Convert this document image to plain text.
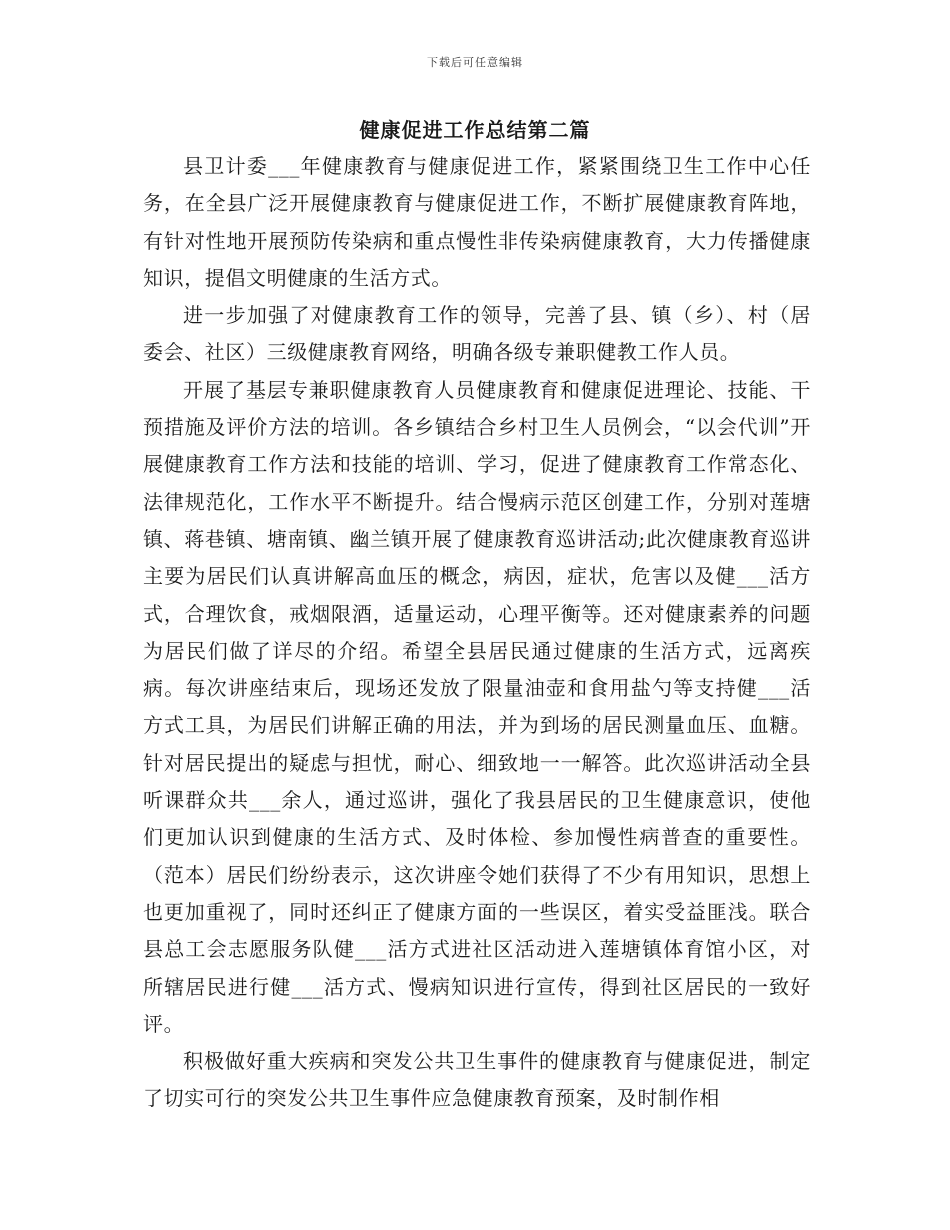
下载后可任意编辑
健康促进工作总结第二篇

县卫计委___年健康教育与健康促进工作，紧紧围绕卫生工作中心任务，在全县广泛开展健康教育与健康促进工作，不断扩展健康教育阵地，有针对性地开展预防传染病和重点慢性非传染病健康教育，大力传播健康知识，提倡文明健康的生活方式。

进一步加强了对健康教育工作的领导，完善了县、镇（乡）、村（居委会、社区）三级健康教育网络，明确各级专兼职健教工作人员。

开展了基层专兼职健康教育人员健康教育和健康促进理论、技能、干预措施及评价方法的培训。各乡镇结合乡村卫生人员例会，“以会代训”开展健康教育工作方法和技能的培训、学习，促进了健康教育工作常态化、法律规范化，工作水平不断提升。结合慢病示范区创建工作，分别对莲塘镇、蒋巷镇、塘南镇、幽兰镇开展了健康教育巡讲活动;此次健康教育巡讲主要为居民们认真讲解高血压的概念，病因，症状，危害以及健___活方式，合理饮食，戒烟限酒，适量运动，心理平衡等。还对健康素养的问题为居民们做了详尽的介绍。希望全县居民通过健康的生活方式，远离疾病。每次讲座结束后，现场还发放了限量油壶和食用盐勺等支持健___活方式工具，为居民们讲解正确的用法，并为到场的居民测量血压、血糖。针对居民提出的疑虑与担忧，耐心、细致地一一解答。此次巡讲活动全县听课群众共___余人，通过巡讲，强化了我县居民的卫生健康意识，使他们更加认识到健康的生活方式、及时体检、参加慢性病普查的重要性。（范本）居民们纷纷表示，这次讲座令她们获得了不少有用知识，思想上也更加重视了，同时还纠正了健康方面的一些误区，着实受益匪浅。联合县总工会志愿服务队健___活方式进社区活动进入莲塘镇体育馆小区，对所辖居民进行健___活方式、慢病知识进行宣传，得到社区居民的一致好评。

积极做好重大疾病和突发公共卫生事件的健康教育与健康促进，制定了切实可行的突发公共卫生事件应急健康教育预案，及时制作相
